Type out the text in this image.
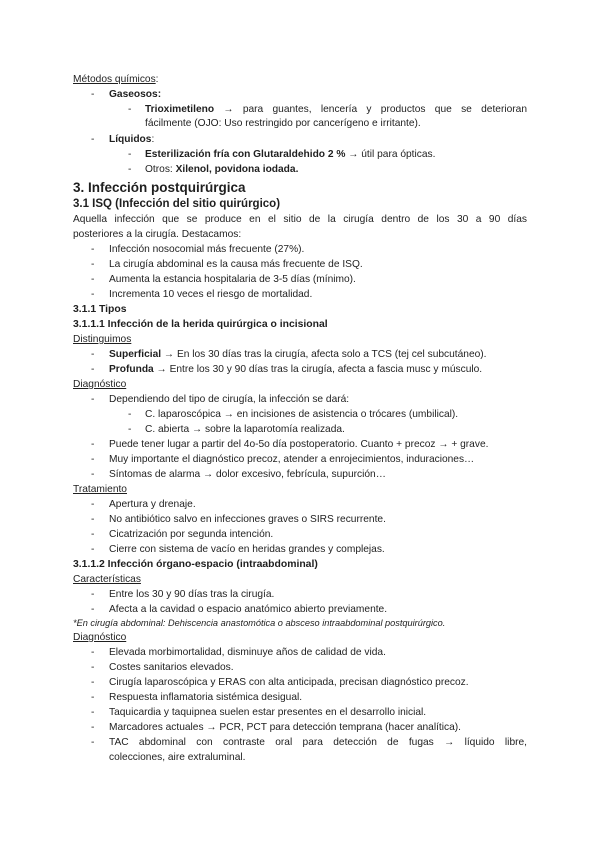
Métodos químicos:
- Gaseosos:
- Trioximetileno → para guantes, lencería y productos que se deterioran
fácilmente (OJO: Uso restringido por cancerígeno e irritante).
- Líquidos:
- Esterilización fría con Glutaraldehido 2 % → útil para ópticas.
- Otros: Xilenol, povidona iodada.
3. Infección postquirúrgica
3.1 ISQ (Infección del sitio quirúrgico)
Aquella infección que se produce en el sitio de la cirugía dentro de los 30 a 90 días
posteriores a la cirugía. Destacamos:
- Infección nosocomial más frecuente (27%).
- La cirugía abdominal es la causa más frecuente de ISQ.
- Aumenta la estancia hospitalaria de 3-5 días (mínimo).
- Incrementa 10 veces el riesgo de mortalidad.
3.1.1 Tipos
3.1.1.1 Infección de la herida quirúrgica o incisional
Distinguimos
- Superficial → En los 30 días tras la cirugía, afecta solo a TCS (tej cel subcutáneo).
- Profunda → Entre los 30 y 90 días tras la cirugía, afecta a fascia musc y músculo.
Diagnóstico
- Dependiendo del tipo de cirugía, la infección se dará:
- C. laparoscópica → en incisiones de asistencia o trócares (umbilical).
- C. abierta → sobre la laparotomía realizada.
- Puede tener lugar a partir del 4o-5o día postoperatorio. Cuanto + precoz → + grave.
- Muy importante el diagnóstico precoz, atender a enrojecimientos, induraciones…
- Síntomas de alarma → dolor excesivo, febrícula, supurción…
Tratamiento
- Apertura y drenaje.
- No antibiótico salvo en infecciones graves o SIRS recurrente.
- Cicatrización por segunda intención.
- Cierre con sistema de vacío en heridas grandes y complejas.
3.1.1.2 Infección órgano-espacio (intraabdominal)
Características
- Entre los 30 y 90 días tras la cirugía.
- Afecta a la cavidad o espacio anatómico abierto previamente.
*En cirugía abdominal: Dehiscencia anastomótica o absceso intraabdominal postquirúrgico.
Diagnóstico
- Elevada morbimortalidad, disminuye años de calidad de vida.
- Costes sanitarios elevados.
- Cirugía laparoscópica y ERAS con alta anticipada, precisan diagnóstico precoz.
- Respuesta inflamatoria sistémica desigual.
- Taquicardia y taquipnea suelen estar presentes en el desarrollo inicial.
- Marcadores actuales → PCR, PCT para detección temprana (hacer analítica).
- TAC abdominal con contraste oral para detección de fugas → líquido libre,
colecciones, aire extraluminal.
